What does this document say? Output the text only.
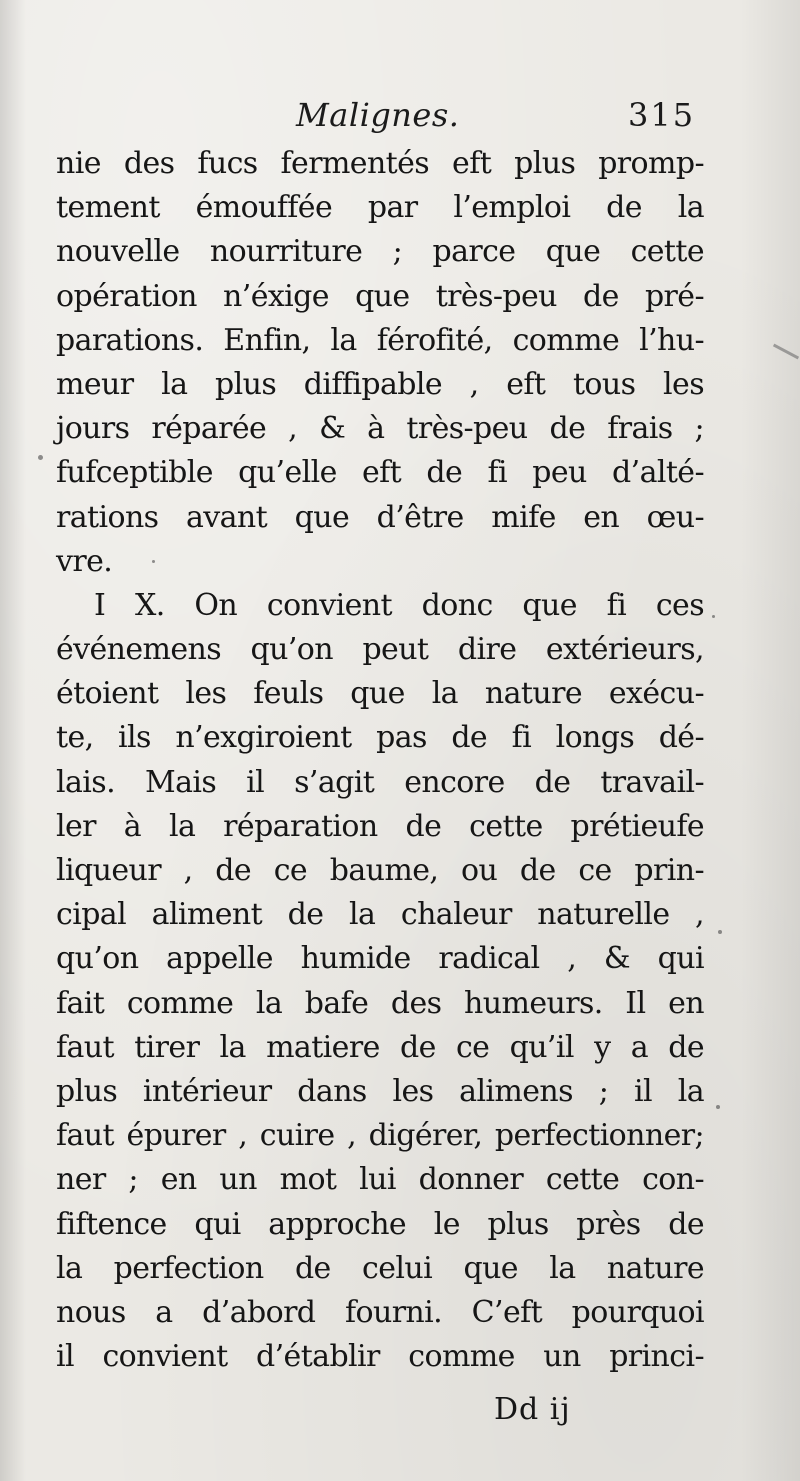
Malignes.	315
nie des fucs fermentés eft plus promp-
tement émouffée par l’emploi de la
nouvelle nourriture ; parce que cette
opération n’éxige que très-peu de pré-
parations. Enfin, la férofité, comme l’hu-
meur la plus diffipable , eft tous les
jours réparée , & à très-peu de frais ;
fufceptible qu’elle eft de fi peu d’alté-
rations avant que d’être mife en œu-
vre.
I X. On convient donc que fi ces
événemens qu’on peut dire extérieurs,
étoient les feuls que la nature exécu-
te, ils n’exgiroient pas de fi longs dé-
lais. Mais il s’agit encore de travail-
ler à la réparation de cette prétieufe
liqueur , de ce baume, ou de ce prin-
cipal aliment de la chaleur naturelle ,
qu’on appelle humide radical , & qui
fait comme la bafe des humeurs. Il en
faut tirer la matiere de ce qu’il y a de
plus intérieur dans les alimens ; il la
faut épurer , cuire , digérer, perfectionner;
ner ; en un mot lui donner cette con-
fiftence qui approche le plus près de
la perfection de celui que la nature
nous a d’abord fourni. C’eft pourquoi
il convient d’établir comme un princi-
Dd ij
